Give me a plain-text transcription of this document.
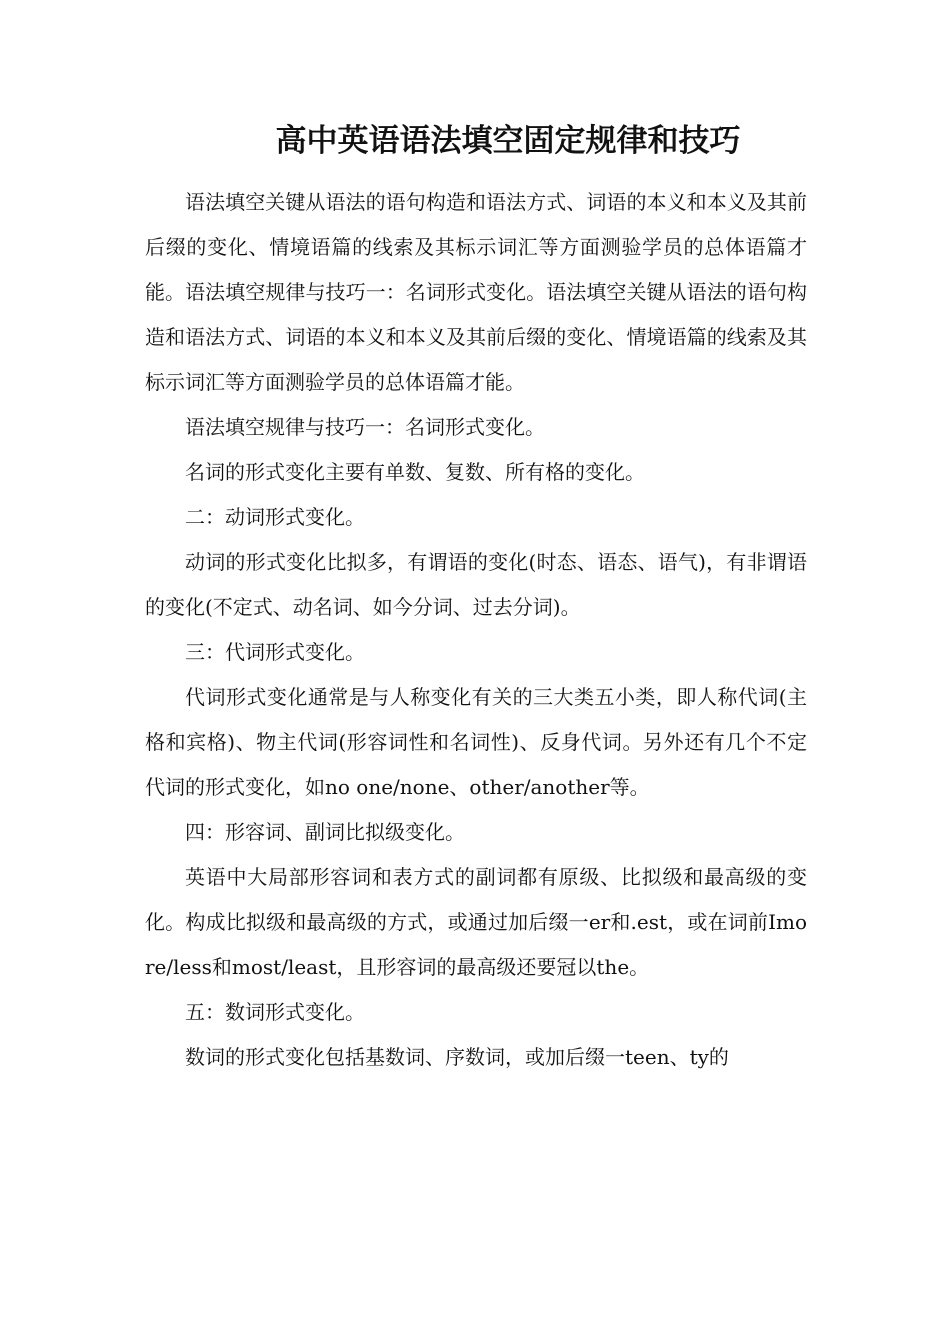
高中英语语法填空固定规律和技巧

语法填空关键从语法的语句构造和语法方式、词语的本义和本义及其前后缀的变化、情境语篇的线索及其标示词汇等方面测验学员的总体语篇才能。语法填空规律与技巧一：名词形式变化。语法填空关键从语法的语句构造和语法方式、词语的本义和本义及其前后缀的变化、情境语篇的线索及其标示词汇等方面测验学员的总体语篇才能。

语法填空规律与技巧一：名词形式变化。

名词的形式变化主要有单数、复数、所有格的变化。

二：动词形式变化。

动词的形式变化比拟多，有谓语的变化(时态、语态、语气)，有非谓语的变化(不定式、动名词、如今分词、过去分词)。

三：代词形式变化。

代词形式变化通常是与人称变化有关的三大类五小类，即人称代词(主格和宾格)、物主代词(形容词性和名词性)、反身代词。另外还有几个不定代词的形式变化，如no one/none、other/another等。

四：形容词、副词比拟级变化。

英语中大局部形容词和表方式的副词都有原级、比拟级和最高级的变化。构成比拟级和最高级的方式，或通过加后缀一er和.est，或在词前Imore/less和most/least，且形容词的最高级还要冠以the。

五：数词形式变化。

数词的形式变化包括基数词、序数词，或加后缀一teen、ty的
